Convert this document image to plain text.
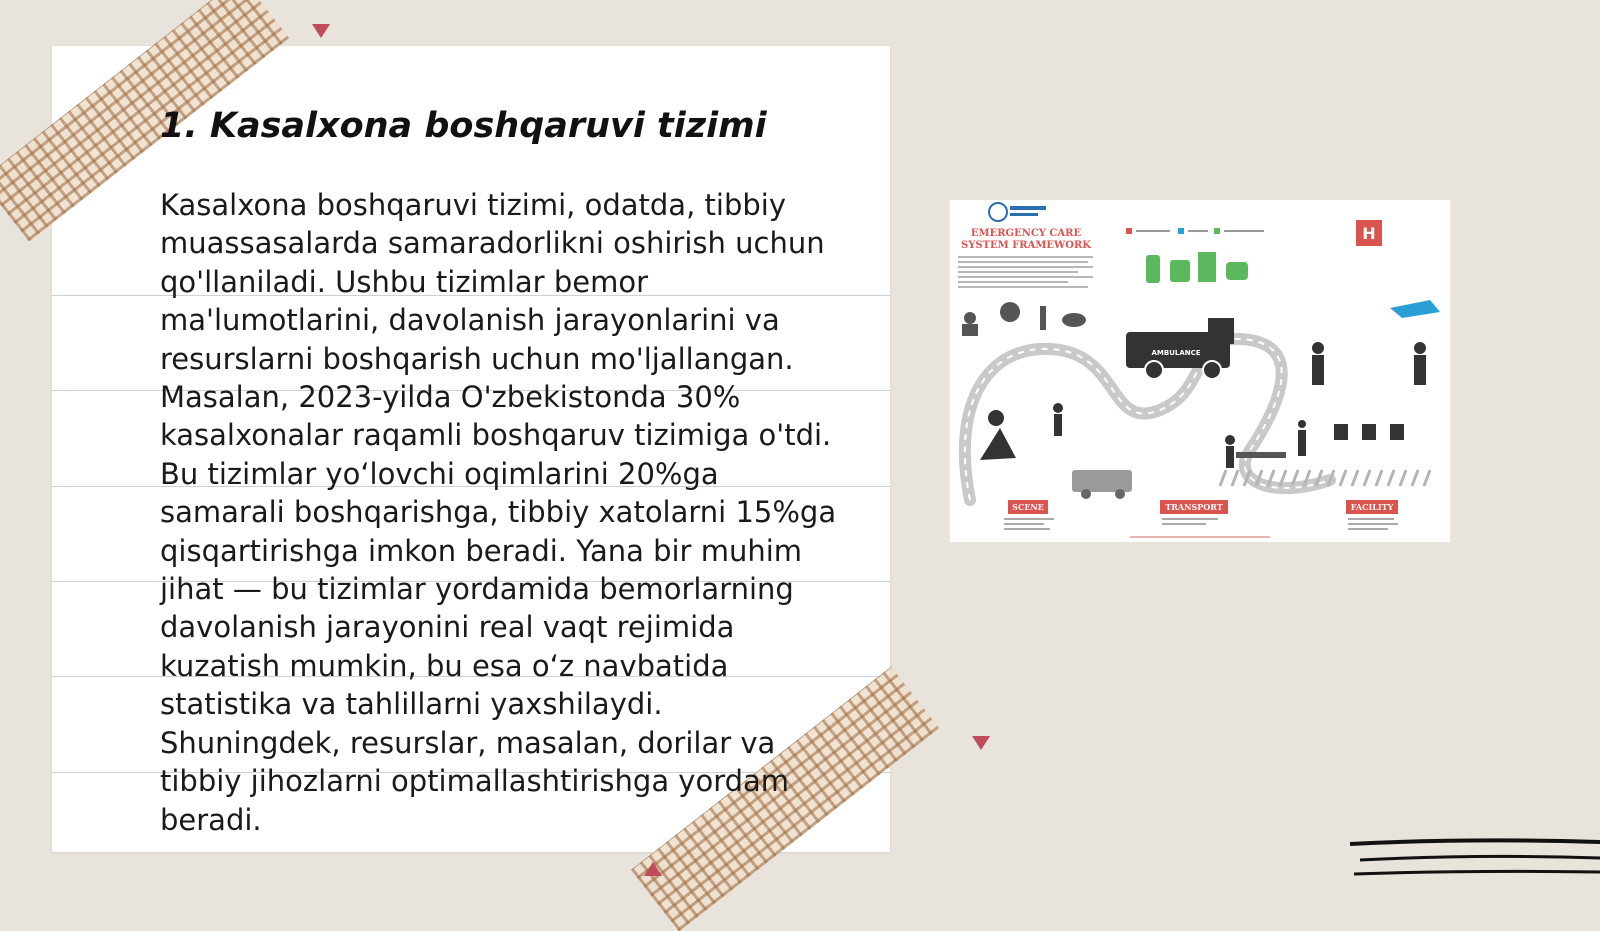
1. Kasalxona boshqaruvi tizimi

Kasalxona boshqaruvi tizimi, odatda, tibbiy muassasalarda samaradorlikni oshirish uchun qo'llaniladi. Ushbu tizimlar bemor ma'lumotlarini, davolanish jarayonlarini va resurslarni boshqarish uchun mo'ljallangan. Masalan, 2023-yilda O'zbekistonda 30% kasalxonalar raqamli boshqaruv tizimiga o'tdi. Bu tizimlar yo‘lovchi oqimlarini 20%ga samarali boshqarishga, tibbiy xatolarni 15%ga qisqartirishga imkon beradi. Yana bir muhim jihat — bu tizimlar yordamida bemorlarning davolanish jarayonini real vaqt rejimida kuzatish mumkin, bu esa o‘z navbatida statistika va tahlillarni yaxshilaydi. Shuningdek, resurslar, masalan, dorilar va tibbiy jihozlarni optimallashtirishga yordam beradi.

EMERGENCY CARE
SYSTEM FRAMEWORK
H
AMBULANCE
SCENE	TRANSPORT	FACILITY
